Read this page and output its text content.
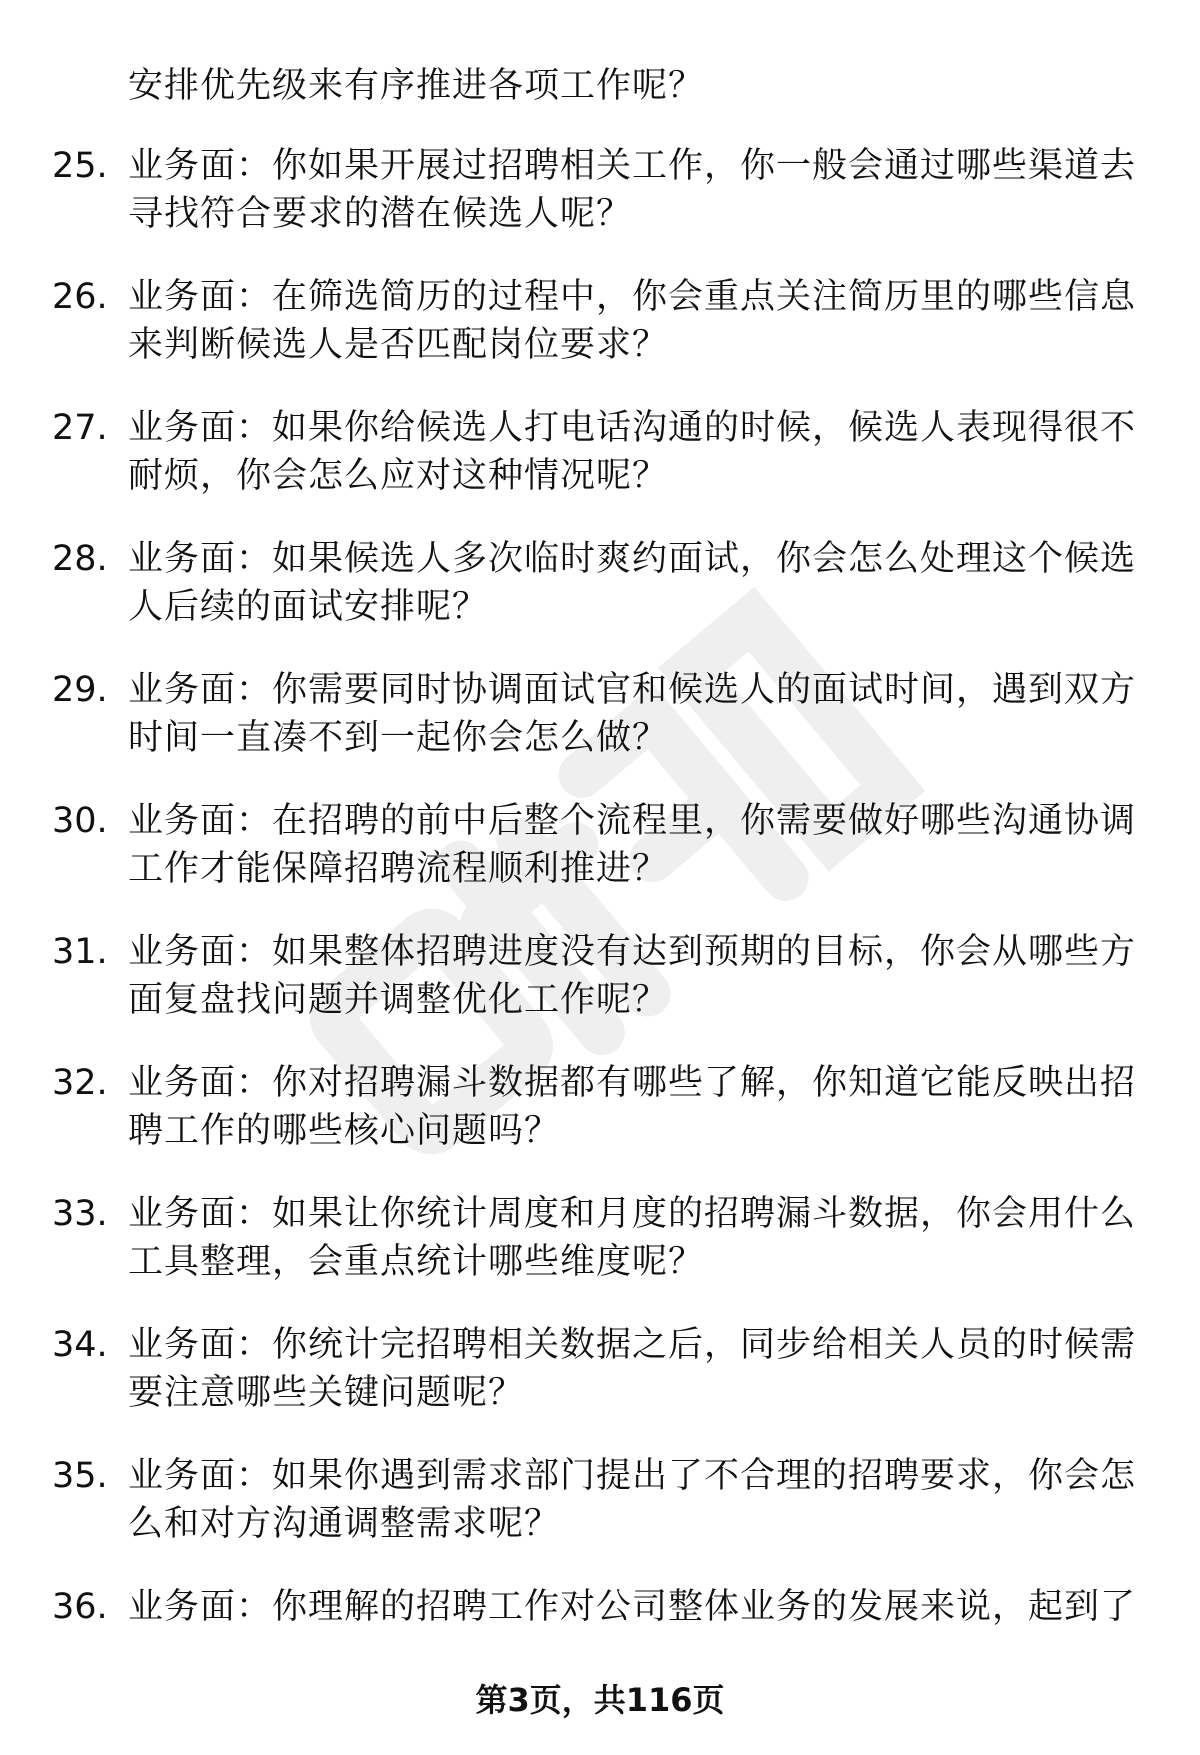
安排优先级来有序推进各项工作呢？
25. 业务面：你如果开展过招聘相关工作，你一般会通过哪些渠道去寻找符合要求的潜在候选人呢？
26. 业务面：在筛选简历的过程中，你会重点关注简历里的哪些信息来判断候选人是否匹配岗位要求？
27. 业务面：如果你给候选人打电话沟通的时候，候选人表现得很不耐烦，你会怎么应对这种情况呢？
28. 业务面：如果候选人多次临时爽约面试，你会怎么处理这个候选人后续的面试安排呢？
29. 业务面：你需要同时协调面试官和候选人的面试时间，遇到双方时间一直凑不到一起你会怎么做？
30. 业务面：在招聘的前中后整个流程里，你需要做好哪些沟通协调工作才能保障招聘流程顺利推进？
31. 业务面：如果整体招聘进度没有达到预期的目标，你会从哪些方面复盘找问题并调整优化工作呢？
32. 业务面：你对招聘漏斗数据都有哪些了解，你知道它能反映出招聘工作的哪些核心问题吗？
33. 业务面：如果让你统计周度和月度的招聘漏斗数据，你会用什么工具整理，会重点统计哪些维度呢？
34. 业务面：你统计完招聘相关数据之后，同步给相关人员的时候需要注意哪些关键问题呢？
35. 业务面：如果你遇到需求部门提出了不合理的招聘要求，你会怎么和对方沟通调整需求呢？
36. 业务面：你理解的招聘工作对公司整体业务的发展来说，起到了
第3页，共116页
